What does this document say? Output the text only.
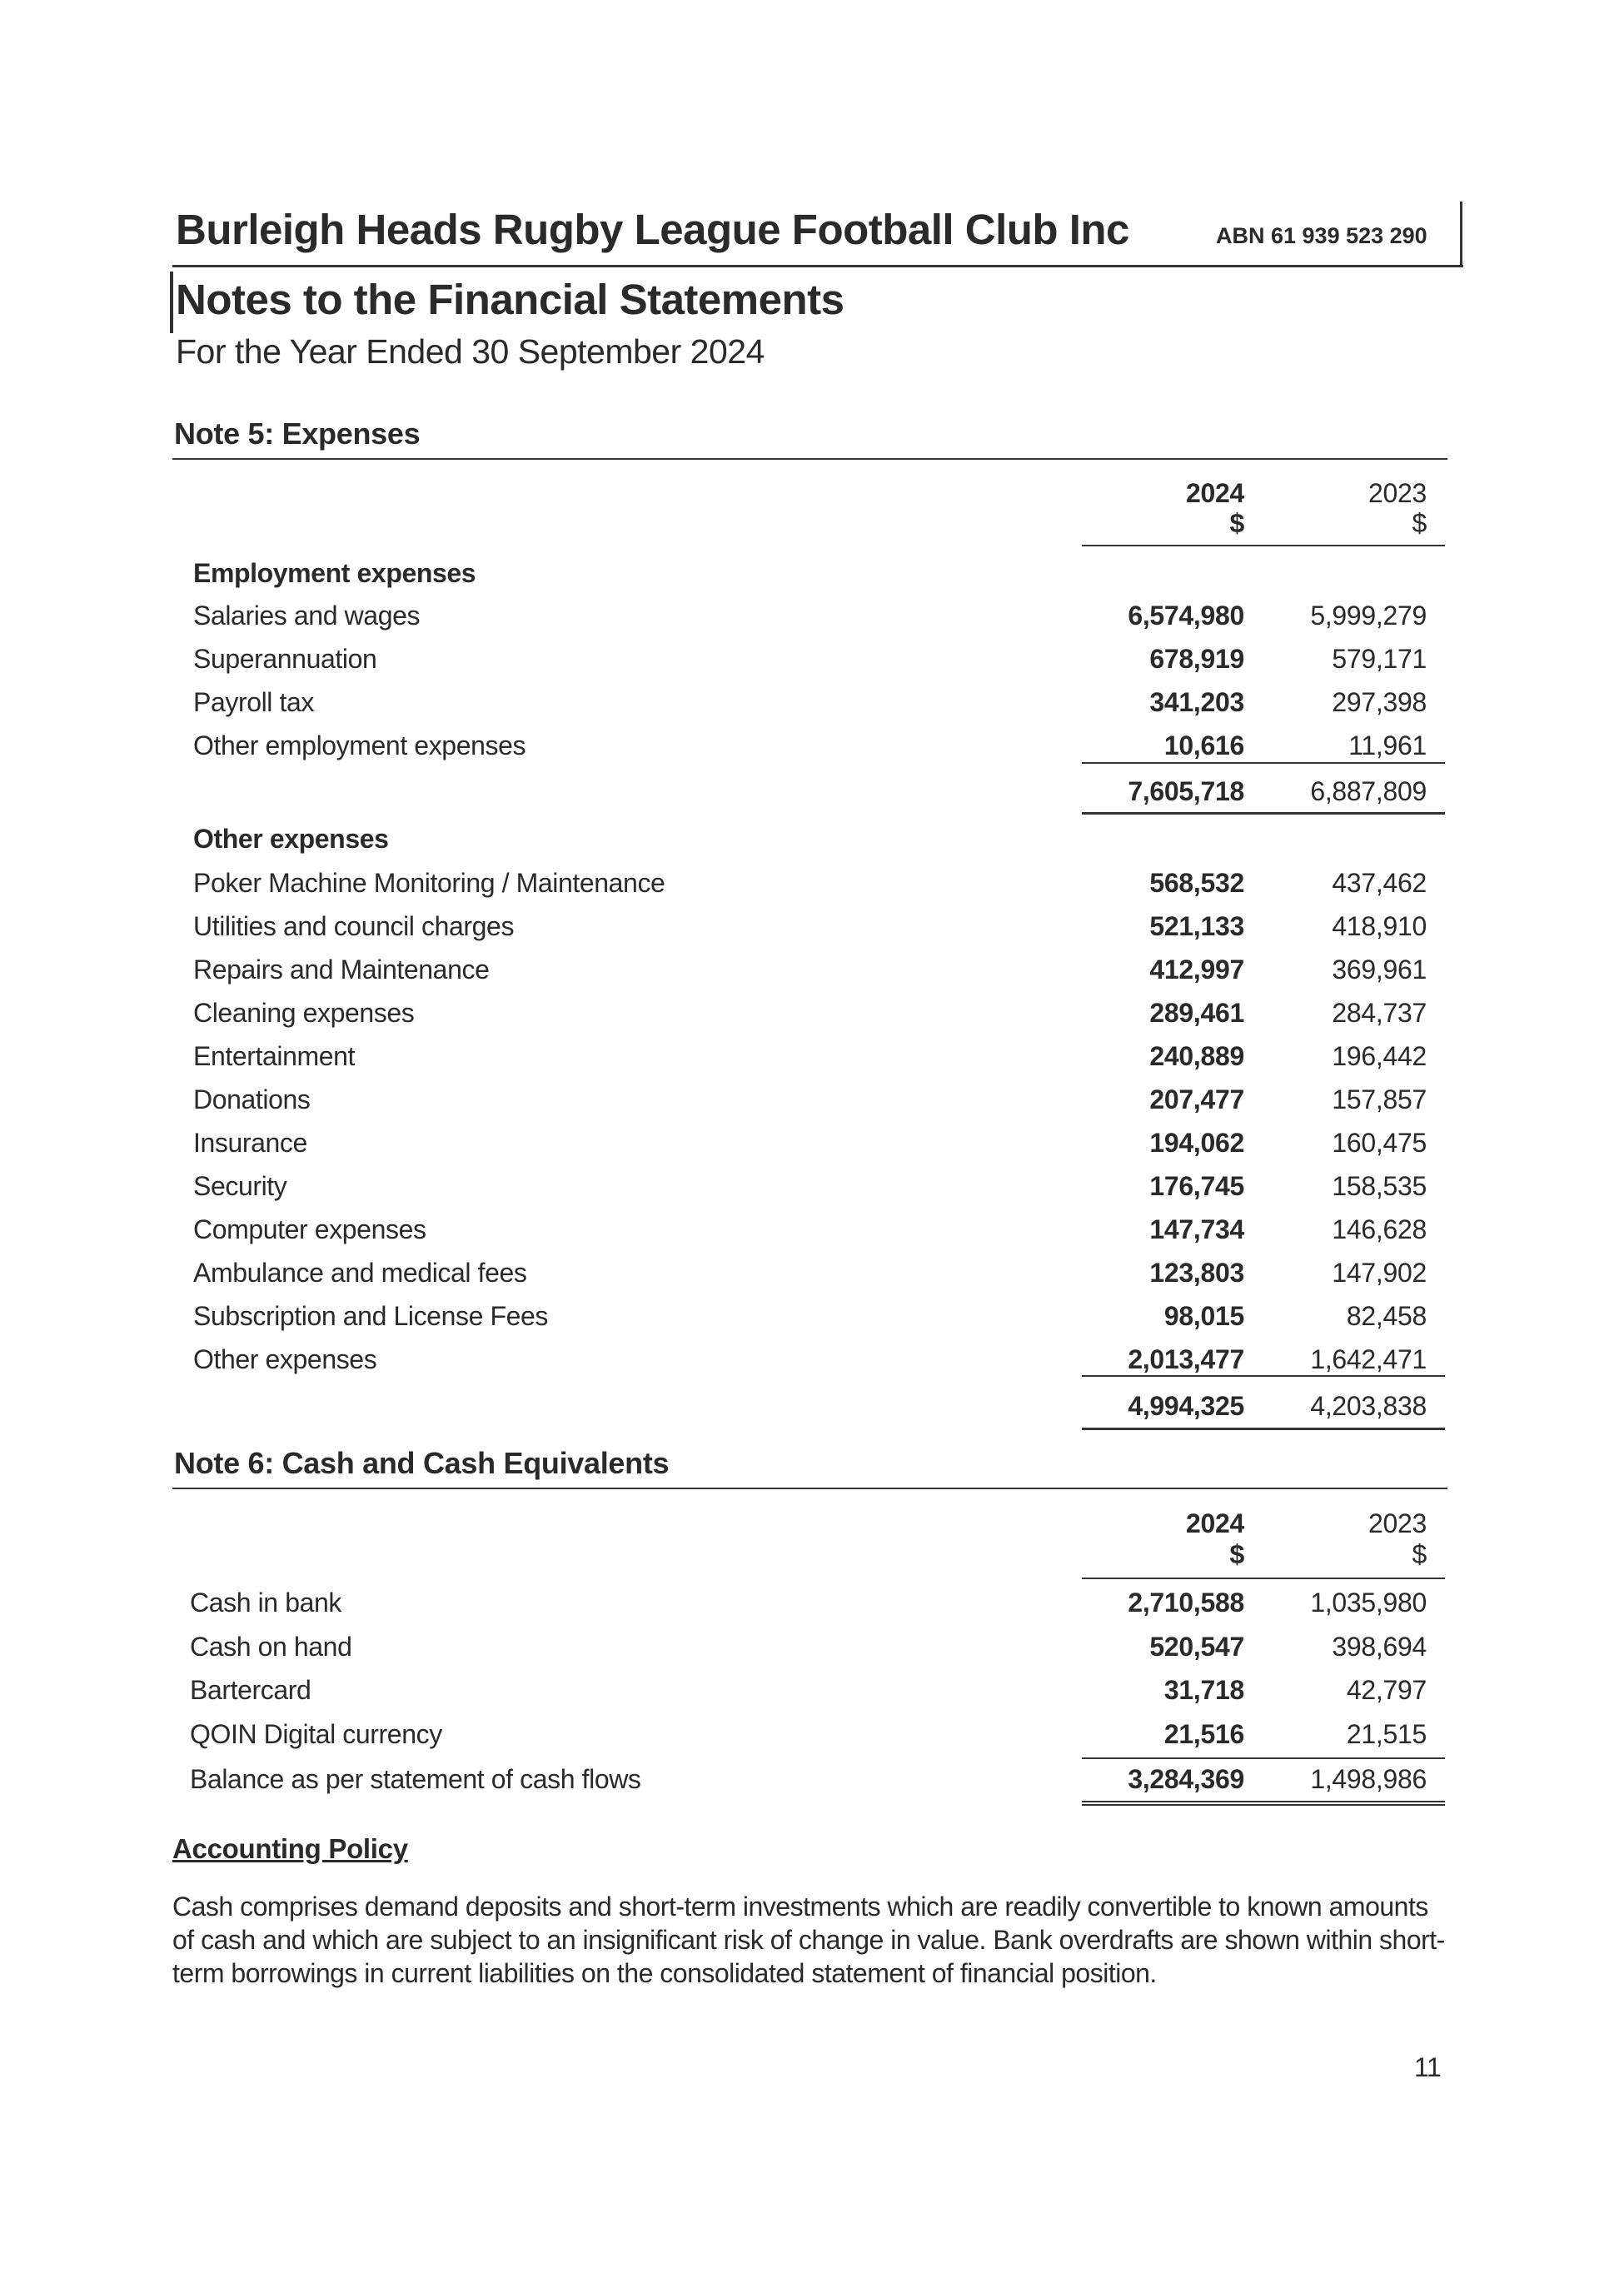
Burleigh Heads Rugby League Football Club Inc	ABN 61 939 523 290
Notes to the Financial Statements
For the Year Ended 30 September 2024
Note 5: Expenses
Note 6: Cash and Cash Equivalents
Accounting Policy
Cash comprises demand deposits and short-term investments which are readily convertible to known amounts of cash and which are subject to an insignificant risk of change in value. Bank overdrafts are shown within short-term borrowings in current liabilities on the consolidated statement of financial position.
11
2024	2023
$	$
Employment expenses
Salaries and wages	6,574,980	5,999,279
Superannuation	678,919	579,171
Payroll tax	341,203	297,398
Other employment expenses	10,616	11,961
7,605,718	6,887,809
Other expenses
Poker Machine Monitoring / Maintenance	568,532	437,462
Utilities and council charges	521,133	418,910
Repairs and Maintenance	412,997	369,961
Cleaning expenses	289,461	284,737
Entertainment	240,889	196,442
Donations	207,477	157,857
Insurance	194,062	160,475
Security	176,745	158,535
Computer expenses	147,734	146,628
Ambulance and medical fees	123,803	147,902
Subscription and License Fees	98,015	82,458
Other expenses	2,013,477	1,642,471
4,994,325	4,203,838
2024	2023
$	$
Cash in bank	2,710,588	1,035,980
Cash on hand	520,547	398,694
Bartercard	31,718	42,797
QOIN Digital currency	21,516	21,515
Balance as per statement of cash flows	3,284,369	1,498,986
